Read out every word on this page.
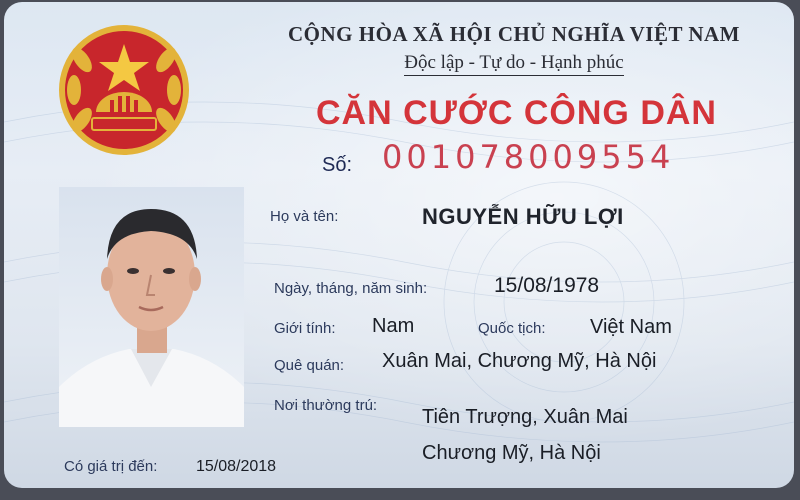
CỘNG HÒA XÃ HỘI CHỦ NGHĨA VIỆT NAM
Độc lập - Tự do - Hạnh phúc
CĂN CƯỚC CÔNG DÂN
Số: 001078009554
Họ và tên:	NGUYỄN HỮU LỢI
Ngày, tháng, năm sinh:	15/08/1978
Giới tính: Nam	Quốc tịch: Việt Nam
Quê quán: Xuân Mai, Chương Mỹ, Hà Nội
Nơi thường trú:
Tiên Trượng, Xuân Mai
Chương Mỹ, Hà Nội
Có giá trị đến: 15/08/2018
